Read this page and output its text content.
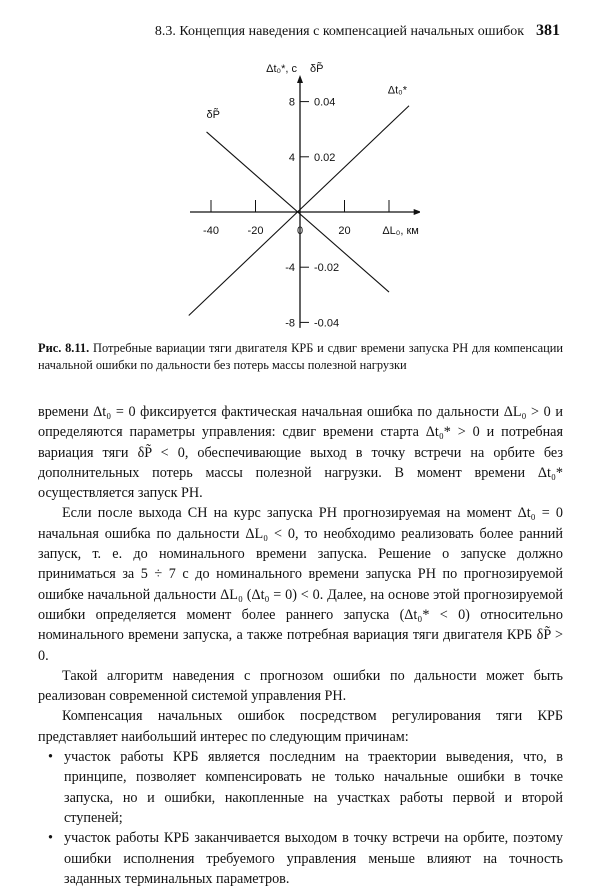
8.3. Концепция наведения с компенсацией начальных ошибок 381
-40	-20	0	20
-8 -0.04
-4 -0.02
4 0.02
8 0.04
ΔL₀, км
Δt₀*, с δP̃
Δt₀*
δP̃
Рис. 8.11. Потребные вариации тяги двигателя КРБ и сдвиг времени запуска РН для компенсации начальной ошибки по дальности без потерь массы полезной нагрузки

времени Δt₀ = 0 фиксируется фактическая начальная ошибка по дальности ΔL₀ > 0 и определяются параметры управления: сдвиг времени старта Δt₀* > 0 и потребная вариация тяги δP̃ < 0, обеспечивающие выход в точку встречи на орбите без дополнительных потерь массы полезной нагрузки. В момент времени Δt₀* осуществляется запуск РН.

Если после выхода СН на курс запуска РН прогнозируемая на момент Δt₀ = 0 начальная ошибка по дальности ΔL₀ < 0, то необходимо реализовать более ранний запуск, т. е. до номинального времени запуска. Решение о запуске должно приниматься за 5 ÷ 7 с до номинального времени запуска РН по прогнозируемой ошибке начальной дальности ΔL₀ (Δt₀ = 0) < 0. Далее, на основе этой прогнозируемой ошибки определяется момент более раннего запуска (Δt₀* < 0) относительно номинального времени запуска, а также потребная вариация тяги двигателя КРБ δP̃ > 0.

Такой алгоритм наведения с прогнозом ошибки по дальности может быть реализован современной системой управления РН.

Компенсация начальных ошибок посредством регулирования тяги КРБ представляет наибольший интерес по следующим причинам:

• участок работы КРБ является последним на траектории выведения, что, в принципе, позволяет компенсировать не только начальные ошибки в точке запуска, но и ошибки, накопленные на участках работы первой и второй ступеней;
• участок работы КРБ заканчивается выходом в точку встречи на орбите, поэтому ошибки исполнения требуемого управления меньше влияют на точность заданных терминальных параметров.
